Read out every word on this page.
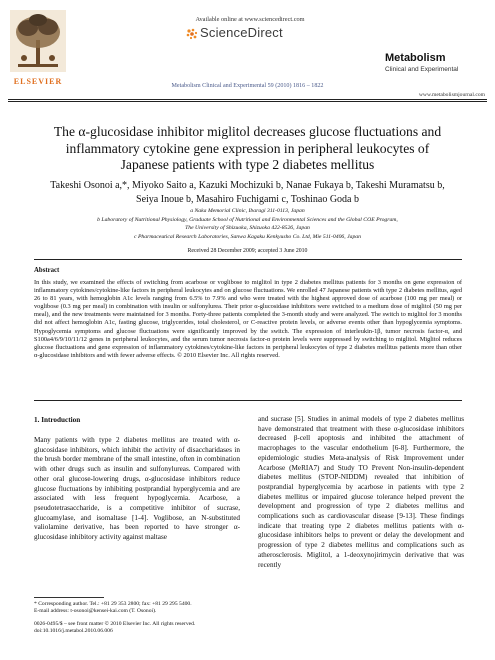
ELSEVIER
Available online at www.sciencedirect.com
ScienceDirect
Metabolism Clinical and Experimental 59 (2010) 1816 – 1822
Metabolism
Clinical and Experimental
www.metabolismjournal.com
The α-glucosidase inhibitor miglitol decreases glucose fluctuations and
inflammatory cytokine gene expression in peripheral leukocytes of
Japanese patients with type 2 diabetes mellitus
Takeshi Osonoi a,*, Miyoko Saito a, Kazuki Mochizuki b, Nanae Fukaya b, Takeshi Muramatsu b,
Seiya Inoue b, Masahiro Fuchigami c, Toshinao Goda b
a Naka Memorial Clinic, Ibaragi 311-0113, Japan
b Laboratory of Nutritional Physiology, Graduate School of Nutritional and Environmental Sciences and the Global COE Program,
The University of Shizuoka, Shizuoka 422-8526, Japan
c Pharmaceutical Research Laboratories, Sanwa Kagaku Kenkyusho Co. Ltd, Mie 511-0406, Japan
Received 28 December 2009; accepted 3 June 2010
Abstract
In this study, we examined the effects of switching from acarbose or voglibose to miglitol in type 2 diabetes mellitus patients for 3 months on gene expression of inflammatory cytokines/cytokine-like factors in peripheral leukocytes and on glucose fluctuations. We enrolled 47 Japanese patients with type 2 diabetes mellitus, aged 26 to 81 years, with hemoglobin A1c levels ranging from 6.5% to 7.9% and who were treated with the highest approved dose of acarbose (100 mg per meal) or voglibose (0.3 mg per meal) in combination with insulin or sulfonylurea. Their prior α-glucosidase inhibitors were switched to a medium dose of miglitol (50 mg per meal), and the new treatments were maintained for 3 months. Forty-three patients completed the 3-month study and were analyzed. The switch to miglitol for 3 months did not affect hemoglobin A1c, fasting glucose, triglycerides, total cholesterol, or C-reactive protein levels, or adverse events other than hypoglycemia symptoms. Hypoglycemia symptoms and glucose fluctuations were significantly improved by the switch. The expression of interleukin-1β, tumor necrosis factor-α, and S100a4/6/9/10/11/12 genes in peripheral leukocytes, and the serum tumor necrosis factor-α protein levels were suppressed by switching to miglitol. Miglitol reduces glucose fluctuations and gene expression of inflammatory cytokines/cytokine-like factors in peripheral leukocytes of type 2 diabetes mellitus patients more than other α-glucosidase inhibitors and with fewer adverse effects. © 2010 Elsevier Inc. All rights reserved.
1. Introduction
Many patients with type 2 diabetes mellitus are treated with α-glucosidase inhibitors, which inhibit the activity of disaccharidases in the brush border membrane of the small intestine, often in combination with other drugs such as insulin and sulfonylureas. Compared with other oral glucose-lowering drugs, α-glucosidase inhibitors reduce glucose fluctuations by inhibiting postprandial hyperglycemia and are associated with less frequent hypoglycemia. Acarbose, a pseudotetrasaccharide, is a competitive inhibitor of sucrase, glucoamylase, and isomaltase [1-4]. Voglibose, an N-substituted valiolamine derivative, has been reported to have stronger α-glucosidase inhibitory activity against maltase
and sucrase [5]. Studies in animal models of type 2 diabetes mellitus have demonstrated that treatment with these α-glucosidase inhibitors decreased β-cell apoptosis and inhibited the attachment of macrophages to the vascular endothelium [6-8]. Furthermore, the epidemiologic studies Meta-analysis of Risk Improvement under Acarbose (MeRIA7) and Study TO Prevent Non-insulin-dependent diabetes mellitus (STOP-NIDDM) revealed that inhibition of postprandial hyperglycemia by acarbose in patients with type 2 diabetes mellitus or impaired glucose tolerance helped prevent the development and progression of type 2 diabetes mellitus and complications such as cardiovascular disease [9-13]. These findings indicate that treating type 2 diabetes mellitus patients with α-glucosidase inhibitors helps to prevent or delay the development and progression of type 2 diabetes mellitus and complications such as atherosclerosis. Miglitol, a 1-deoxynojirimycin derivative that was recently
* Corresponding author. Tel.: +81 29 353 2800; fax: +81 29 295 5400.
E-mail address: t-osonoi@kensei-kai.com (T. Osonoi).
0026-0495/$ – see front matter © 2010 Elsevier Inc. All rights reserved.
doi:10.1016/j.metabol.2010.06.006
